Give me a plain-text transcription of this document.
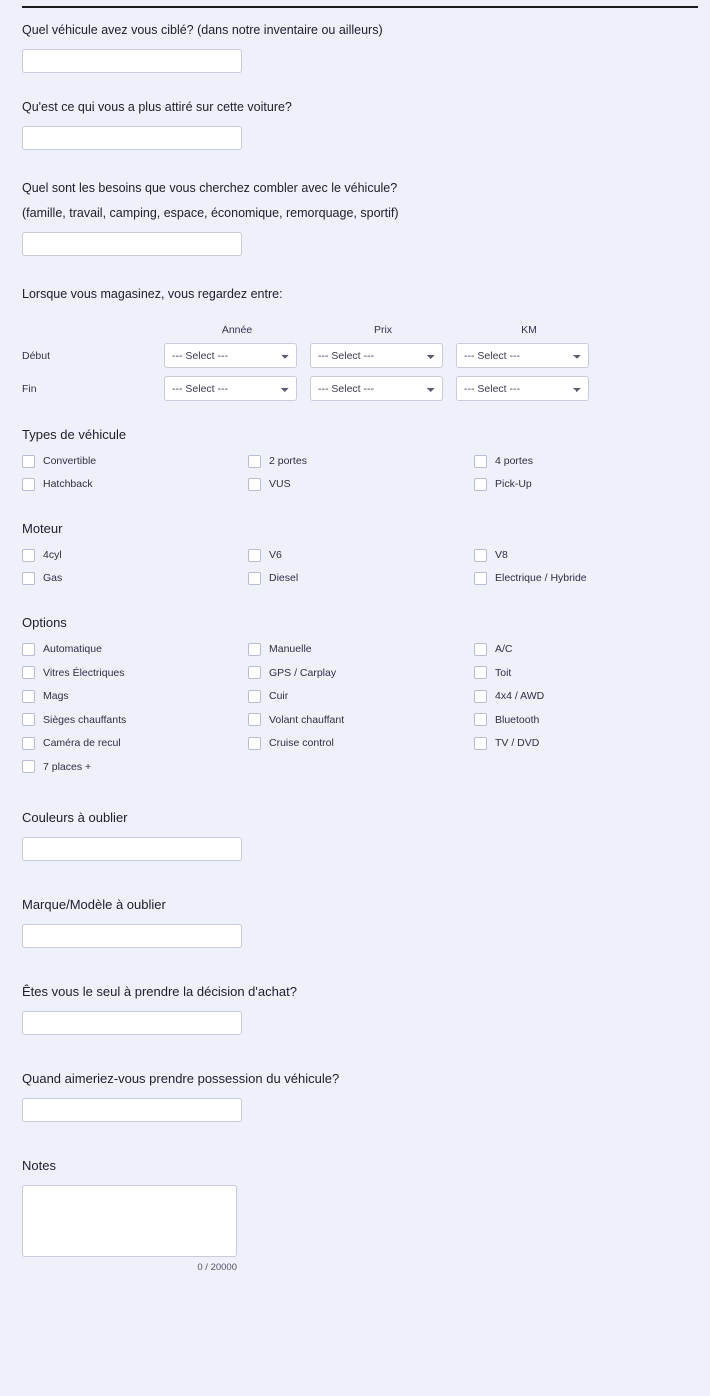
Quel véhicule avez vous ciblé? (dans notre inventaire ou ailleurs)
Qu'est ce qui vous a plus attiré sur cette voiture?
Quel sont les besoins que vous cherchez combler avec le véhicule?
(famille, travail, camping, espace, économique, remorquage, sportif)
Lorsque vous magasinez, vous regardez entre:
Année	Prix	KM
Début
--- Select ---
--- Select ---
--- Select ---
Fin
--- Select ---
--- Select ---
--- Select ---
Types de véhicule
Convertible	2 portes	4 portes
Hatchback	VUS	Pick-Up
Moteur
4cyl	V6	V8
Gas	Diesel	Electrique / Hybride
Options
Automatique	Manuelle	A/C
Vitres Électriques	GPS / Carplay	Toit
Mags	Cuir	4x4 / AWD
Sièges chauffants	Volant chauffant	Bluetooth
Caméra de recul	Cruise control	TV / DVD
7 places +
Couleurs à oublier
Marque/Modèle à oublier
Êtes vous le seul à prendre la décision d'achat?
Quand aimeriez-vous prendre possession du véhicule?
Notes
0 / 20000
